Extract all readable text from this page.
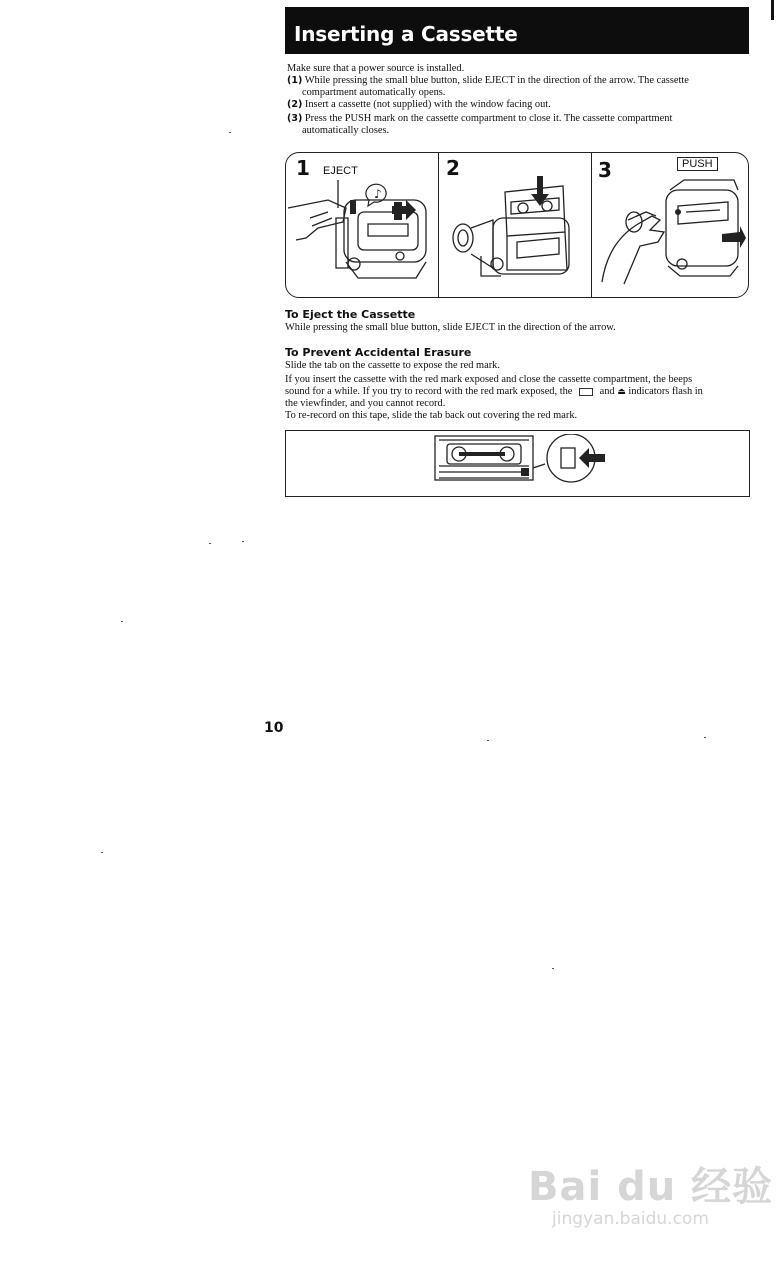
Inserting a Cassette
Make sure that a power source is installed.
(1) While pressing the small blue button, slide EJECT in the direction of the arrow. The cassette
compartment automatically opens.
(2) Insert a cassette (not supplied) with the window facing out.
(3) Press the PUSH mark on the cassette compartment to close it. The cassette compartment
automatically closes.
1	2	3
EJECT
PUSH
♪
To Eject the Cassette
While pressing the small blue button, slide EJECT in the direction of the arrow.
To Prevent Accidental Erasure
Slide the tab on the cassette to expose the red mark.
If you insert the cassette with the red mark exposed and close the cassette compartment, the beeps
sound for a while. If you try to record with the red mark exposed, the	and ⏏ indicators flash in
the viewfinder, and you cannot record.
To re-record on this tape, slide the tab back out covering the red mark.
10
Bai du 经验
jingyan.baidu.com
